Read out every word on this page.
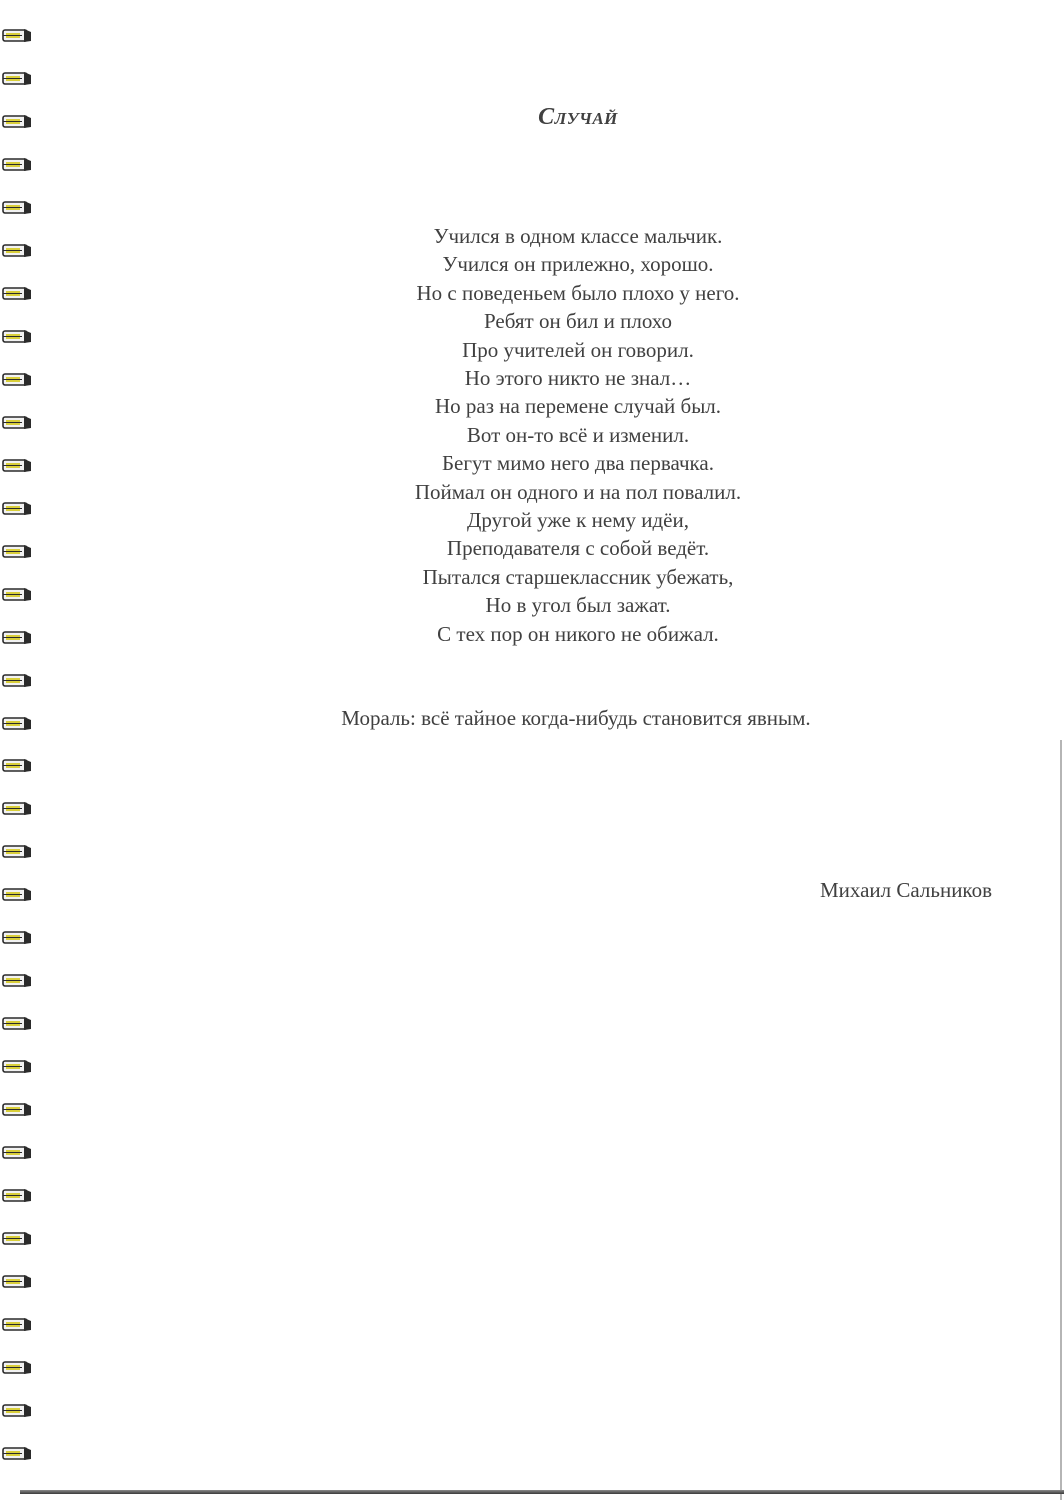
Случай
Учился в одном классе мальчик.
Учился он прилежно, хорошо.
Но с поведеньем было плохо у него.
Ребят он бил и плохо
Про учителей он говорил.
Но этого никто не знал…
Но раз на перемене случай был.
Вот он-то всё и изменил.
Бегут мимо него два первачка.
Поймал он одного и на пол повалил.
Другой уже к нему идёи,
Преподавателя с собой ведёт.
Пытался старшеклассник убежать,
Но в угол был зажат.
С тех пор он никого не обижал.
Мораль: всё тайное когда-нибудь становится явным.
Михаил Сальников
